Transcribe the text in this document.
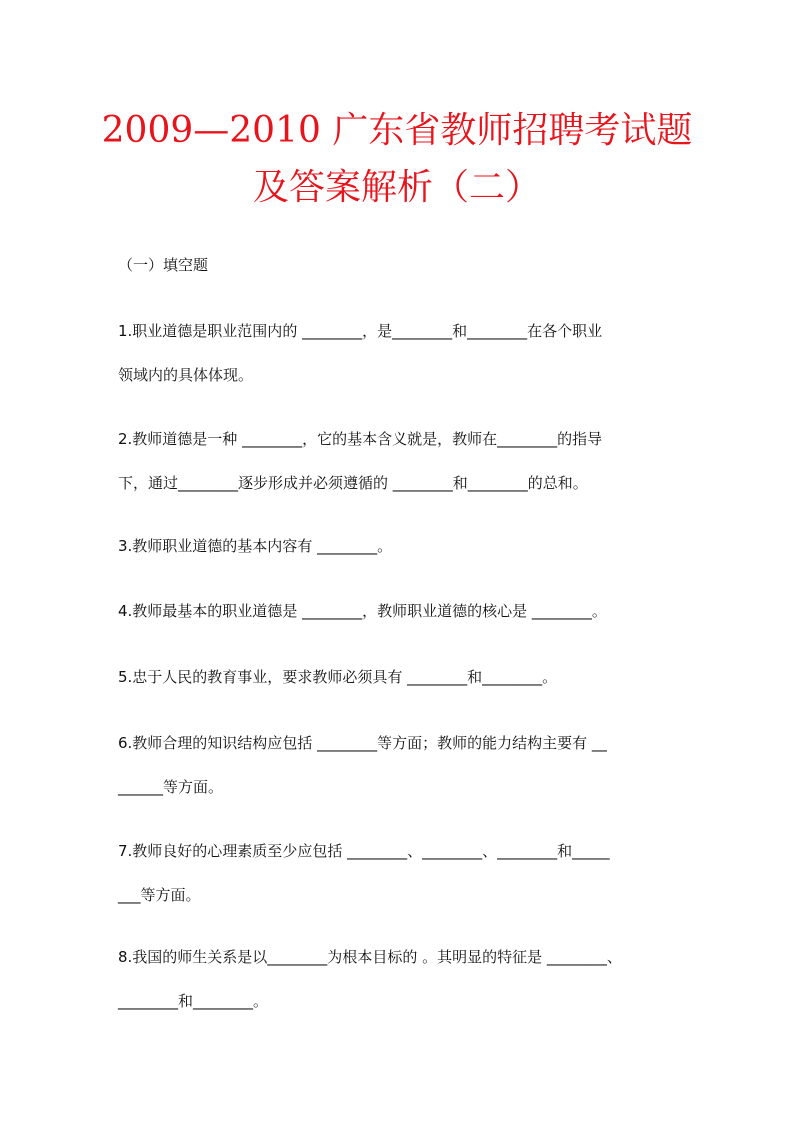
2009—2010 广东省教师招聘考试题
及答案解析（二）
（一）填空题
1.职业道德是职业范围内的 ________，是________和________在各个职业
领域内的具体体现。
2.教师道德是一种 ________，它的基本含义就是，教师在________的指导
下，通过________逐步形成并必须遵循的 ________和________的总和。
3.教师职业道德的基本内容有 ________。
4.教师最基本的职业道德是 ________，教师职业道德的核心是 ________。
5.忠于人民的教育事业，要求教师必须具有 ________和________。
6.教师合理的知识结构应包括 ________等方面；教师的能力结构主要有 __
______等方面。
7.教师良好的心理素质至少应包括 ________、________、________和_____
___等方面。
8.我国的师生关系是以________为根本目标的 。其明显的特征是 ________、
________和________。
